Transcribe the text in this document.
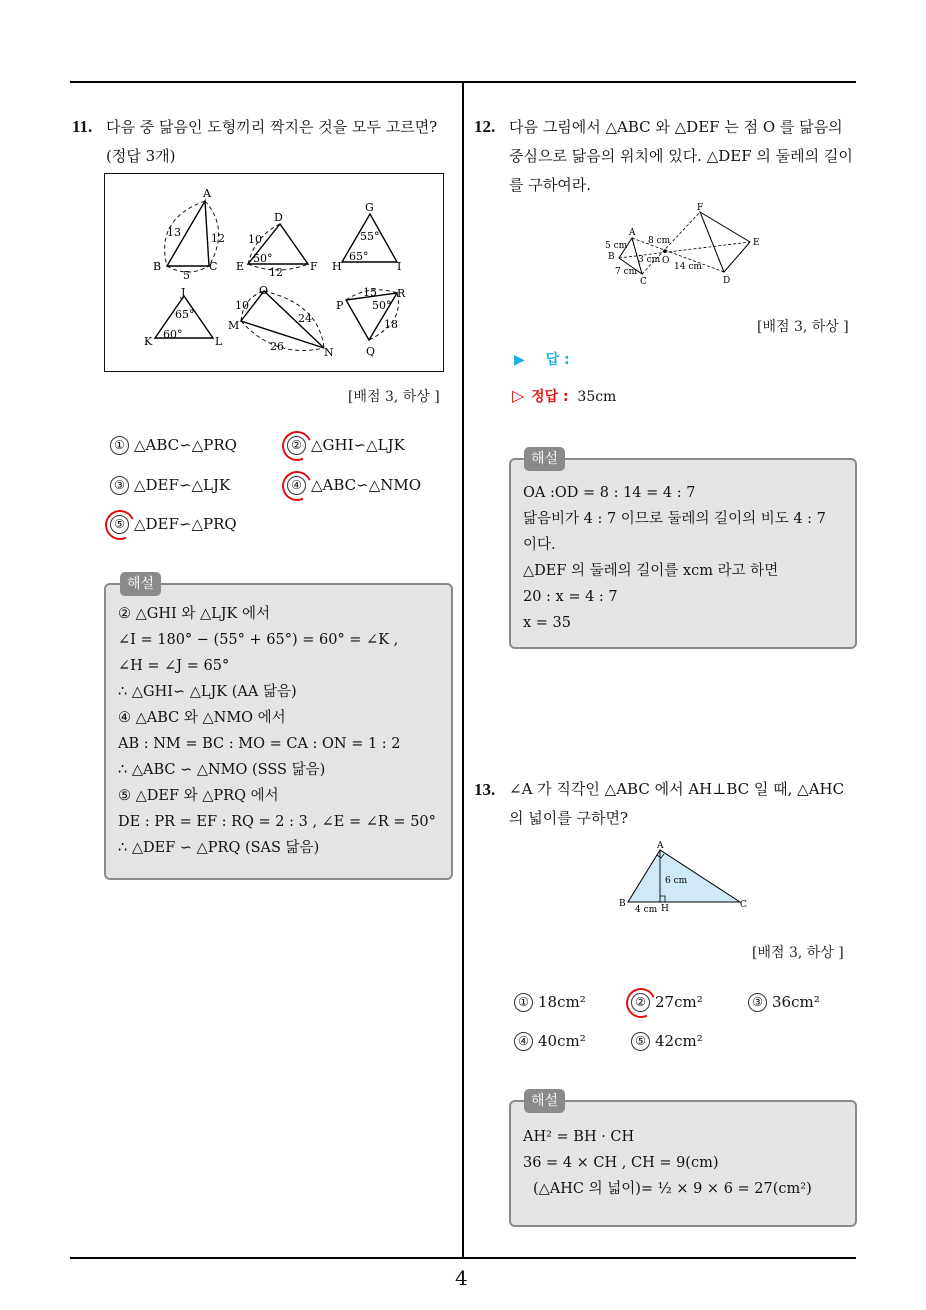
4
11. 다음 중 닮음인 도형끼리 짝지은 것을 모두 고르면?
(정답 3개)
A
B	C
13	12
5
D
E	F
10
50°
12
G
H	I
55°
65°
J
K	L
65°
60°
O
M
N
10
24
26
P
R
Q
15
50°
18
[배점 3, 하상 ]
① △ABC∽△PRQ	② △GHI∽△LJK
③ △DEF∽△LJK	④ △ABC∽△NMO
⑤ △DEF∽△PRQ
② △GHI 와 △LJK 에서
∠I = 180° − (55° + 65°) = 60° = ∠K ,
∠H = ∠J = 65°
∴ △GHI∽ △LJK (AA 닮음)
④ △ABC 와 △NMO 에서
AB : NM = BC : MO = CA : ON = 1 : 2
∴ △ABC ∽ △NMO (SSS 닮음)
⑤ △DEF 와 △PRQ 에서
DE : PR = EF : RQ = 2 : 3 , ∠E = ∠R = 50°
∴ △DEF ∽ △PRQ (SAS 닮음)
해설
12. 다음 그림에서 △ABC 와 △DEF 는 점 O 를 닮음의
중심으로 닮음의 위치에 있다. △DEF 의 둘레의 길이
를 구하여라.
F
A
8 cm	E
5 cm
B	3 cm O
7 cm
C
14 cm
D
[배점 3, 하상 ]
▶ 답 :
▷ 정답 : 35cm
OA :OD = 8 : 14 = 4 : 7
닮음비가 4 : 7 이므로 둘레의 길이의 비도 4 : 7
이다.
△DEF 의 둘레의 길이를 xcm 라고 하면
20 : x = 4 : 7
x = 35
해설
13. ∠A 가 직각인 △ABC 에서 AH⊥BC 일 때, △AHC
의 넓이를 구하면?
A
6 cm
B
4 cm H	C
[배점 3, 하상 ]
① 18cm²	② 27cm²	③ 36cm²
④ 40cm²	⑤ 42cm²
AH² = BH · CH
36 = 4 × CH , CH = 9(cm)
(△AHC 의 넓이)= ½ × 9 × 6 = 27(cm²)
해설
